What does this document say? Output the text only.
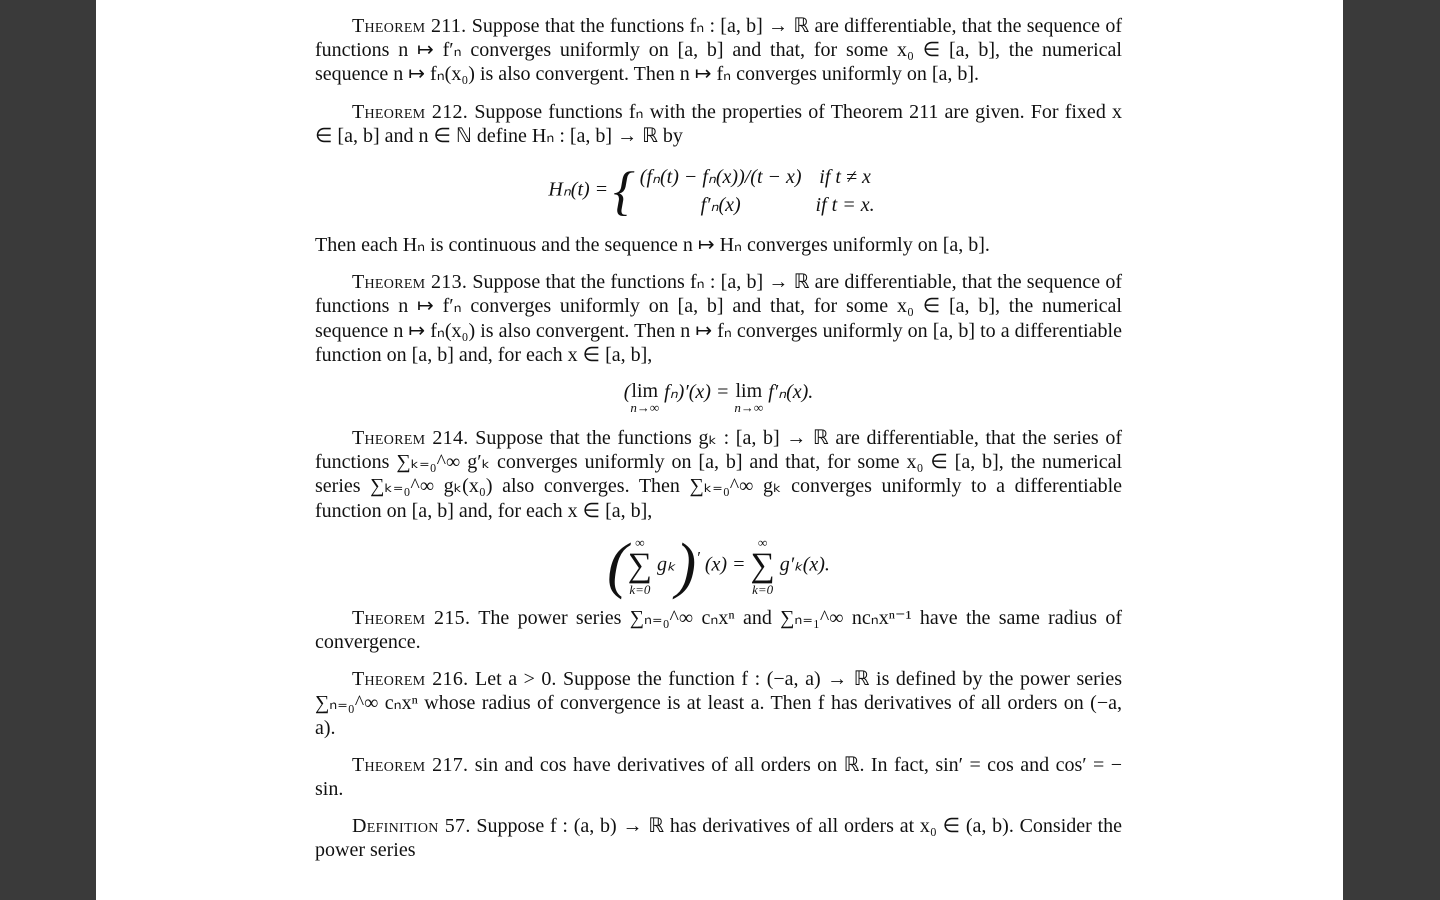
Theorem 211. Suppose that the functions fₙ : [a, b] → ℝ are differentiable, that the sequence of functions n ↦ f′ₙ converges uniformly on [a, b] and that, for some x₀ ∈ [a, b], the numerical sequence n ↦ fₙ(x₀) is also convergent. Then n ↦ fₙ converges uniformly on [a, b].

Theorem 212. Suppose functions fₙ with the properties of Theorem 211 are given. For fixed x ∈ [a, b] and n ∈ ℕ define Hₙ : [a, b] → ℝ by

Hₙ(t) = { (fₙ(t) − fₙ(x))/(t − x)	if t ≠ x
f′ₙ(x)	if t = x.

Then each Hₙ is continuous and the sequence n ↦ Hₙ converges uniformly on [a, b].

Theorem 213. Suppose that the functions fₙ : [a, b] → ℝ are differentiable, that the sequence of functions n ↦ f′ₙ converges uniformly on [a, b] and that, for some x₀ ∈ [a, b], the numerical sequence n ↦ fₙ(x₀) is also convergent. Then n ↦ fₙ converges uniformly on [a, b] to a differentiable function on [a, b] and, for each x ∈ [a, b],

(lim
n→∞
fₙ)′(x) = lim
n→∞
f′ₙ(x).

Theorem 214. Suppose that the functions gₖ : [a, b] → ℝ are differentiable, that the series of functions ∑ₖ₌₀^∞ g′ₖ converges uniformly on [a, b] and that, for some x₀ ∈ [a, b], the numerical series ∑ₖ₌₀^∞ gₖ(x₀) also converges. Then ∑ₖ₌₀^∞ gₖ converges uniformly to a differentiable function on [a, b] and, for each x ∈ [a, b],

( ∞
∑
k=0
gₖ)′ (x) =
∞
∑
k=0
g′ₖ(x).

Theorem 215. The power series ∑ₙ₌₀^∞ cₙxⁿ and ∑ₙ₌₁^∞ ncₙxⁿ⁻¹ have the same radius of convergence.

Theorem 216. Let a > 0. Suppose the function f : (−a, a) → ℝ is defined by the power series ∑ₙ₌₀^∞ cₙxⁿ whose radius of convergence is at least a. Then f has derivatives of all orders on (−a, a).

Theorem 217. sin and cos have derivatives of all orders on ℝ. In fact, sin′ = cos and cos′ = − sin.

Definition 57. Suppose f : (a, b) → ℝ has derivatives of all orders at x₀ ∈ (a, b). Consider the power series
